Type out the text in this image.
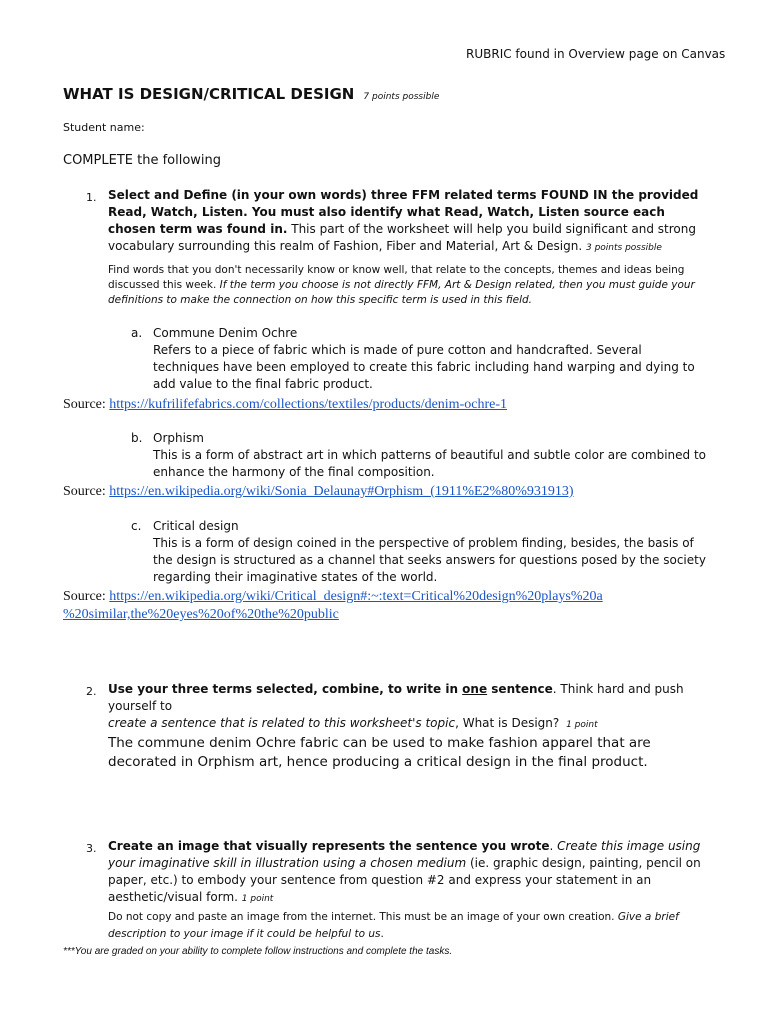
RUBRIC found in Overview page on Canvas
WHAT IS DESIGN/CRITICAL DESIGN 7 points possible
Student name:
COMPLETE the following
1. Select and Define (in your own words) three FFM related terms FOUND IN the provided Read, Watch, Listen. You must also identify what Read, Watch, Listen source each chosen term was found in. This part of the worksheet will help you build significant and strong vocabulary surrounding this realm of Fashion, Fiber and Material, Art & Design. 3 points possible
Find words that you don't necessarily know or know well, that relate to the concepts, themes and ideas being discussed this week. If the term you choose is not directly FFM, Art & Design related, then you must guide your definitions to make the connection on how this specific term is used in this field.
a. Commune Denim Ochre
Refers to a piece of fabric which is made of pure cotton and handcrafted. Several techniques have been employed to create this fabric including hand warping and dying to add value to the final fabric product.
Source: https://kufrilifefabrics.com/collections/textiles/products/denim-ochre-1
b. Orphism
This is a form of abstract art in which patterns of beautiful and subtle color are combined to enhance the harmony of the final composition.
Source: https://en.wikipedia.org/wiki/Sonia_Delaunay#Orphism_(1911%E2%80%931913)
c. Critical design
This is a form of design coined in the perspective of problem finding, besides, the basis of the design is structured as a channel that seeks answers for questions posed by the society regarding their imaginative states of the world.
Source: https://en.wikipedia.org/wiki/Critical_design#:~:text=Critical%20design%20plays%20a
%20similar,the%20eyes%20of%20the%20public
2. Use your three terms selected, combine, to write in one sentence. Think hard and push yourself to
create a sentence that is related to this worksheet's topic, What is Design? 1 point
The commune denim Ochre fabric can be used to make fashion apparel that are decorated in Orphism art, hence producing a critical design in the final product.
3. Create an image that visually represents the sentence you wrote. Create this image using your imaginative skill in illustration using a chosen medium (ie. graphic design, painting, pencil on paper, etc.) to embody your sentence from question #2 and express your statement in an aesthetic/visual form. 1 point
Do not copy and paste an image from the internet. This must be an image of your own creation. Give a brief description to your image if it could be helpful to us.
***You are graded on your ability to complete follow instructions and complete the tasks.
